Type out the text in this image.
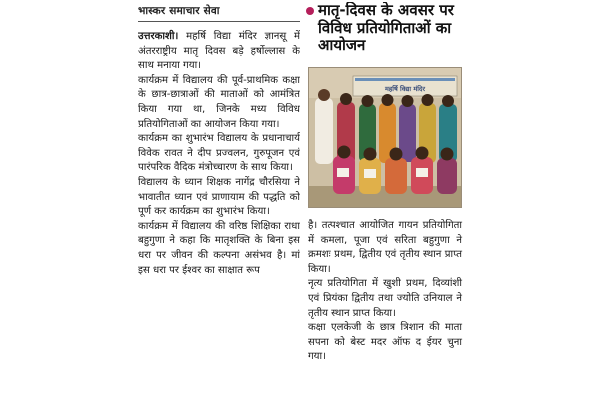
भास्कर समाचार सेवा

उत्तरकाशी। महर्षि विद्या मंदिर ज्ञानसू में अंतरराष्ट्रीय मातृ दिवस बड़े हर्षोल्लास के साथ मनाया गया।

कार्यक्रम में विद्यालय की पूर्व-प्राथमिक कक्षा के छात्र-छात्राओं की माताओं को आमंत्रित किया गया था, जिनके मध्य विविध प्रतियोगिताओं का आयोजन किया गया।

कार्यक्रम का शुभारंभ विद्यालय के प्रधानाचार्य विवेक रावत ने दीप प्रज्वलन, गुरुपूजन एवं पारंपरिक वैदिक मंत्रोच्चारण के साथ किया।

विद्यालय के ध्यान शिक्षक नागेंद्र चौरसिया ने भावातीत ध्यान एवं प्राणायाम की पद्धति को पूर्ण कर कार्यक्रम का शुभारंभ किया।

कार्यक्रम में विद्यालय की वरिष्ठ शिक्षिका राधा बहुगुणा ने कहा कि मातृशक्ति के बिना इस धरा पर जीवन की कल्पना असंभव है। मां इस धरा पर ईश्वर का साक्षात रूप

मातृ-दिवस के अवसर पर विविध प्रतियोगिताओं का आयोजन
महर्षि विद्या मंदिर

है। तत्पश्चात आयोजित गायन प्रतियोगिता में कमला, पूजा एवं सरिता बहुगुणा ने क्रमशः प्रथम, द्वितीय एवं तृतीय स्थान प्राप्त किया।

नृत्य प्रतियोगिता में खुशी प्रथम, दिव्यांशी एवं प्रियंका द्वितीय तथा ज्योति उनियाल ने तृतीय स्थान प्राप्त किया।

कक्षा एलकेजी के छात्र त्रिशान की माता सपना को बेस्ट मदर ऑफ द ईयर चुना गया।
